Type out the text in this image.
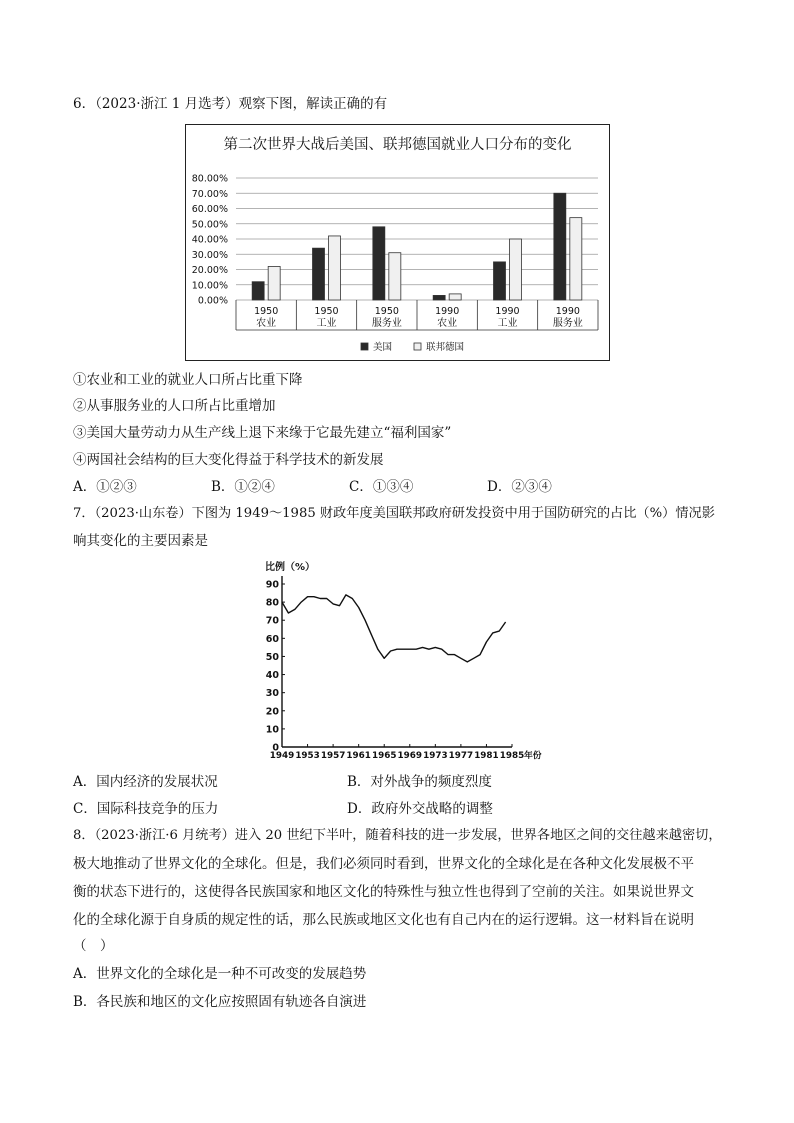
6．（2023·浙江 1 月选考）观察下图，解读正确的有
第二次世界大战后美国、联邦德国就业人口分布的变化
0.00%
10.00%
20.00%
30.00%
40.00%
50.00%
60.00%
70.00%
80.00%
1950
农业
1950
工业
1950
服务业
1990
农业
1990
工业
1990
服务业
美国	联邦德国
①农业和工业的就业人口所占比重下降
②从事服务业的人口所占比重增加
③美国大量劳动力从生产线上退下来缘于它最先建立“福利国家”
④两国社会结构的巨大变化得益于科学技术的新发展
A．①②③	B．①②④	C．①③④	D．②③④
7．（2023·山东卷）下图为 1949～1985 财政年度美国联邦政府研发投资中用于国防研究的占比（%）情况影
响其变化的主要因素是
比例（%）
0
10
20
30
40
50
60
70
80
90
1949 1953 1957 1961 1965 1969 1973 1977 1981 1985 年份
A．国内经济的发展状况	B．对外战争的频度烈度
C．国际科技竞争的压力	D．政府外交战略的调整
8．（2023·浙江·6 月统考）进入 20 世纪下半叶，随着科技的进一步发展，世界各地区之间的交往越来越密切，
极大地推动了世界文化的全球化。但是，我们必须同时看到，世界文化的全球化是在各种文化发展极不平
衡的状态下进行的，这使得各民族国家和地区文化的特殊性与独立性也得到了空前的关注。如果说世界文
化的全球化源于自身质的规定性的话，那么民族或地区文化也有自己内在的运行逻辑。这一材料旨在说明
（　）
A．世界文化的全球化是一种不可改变的发展趋势
B．各民族和地区的文化应按照固有轨迹各自演进
